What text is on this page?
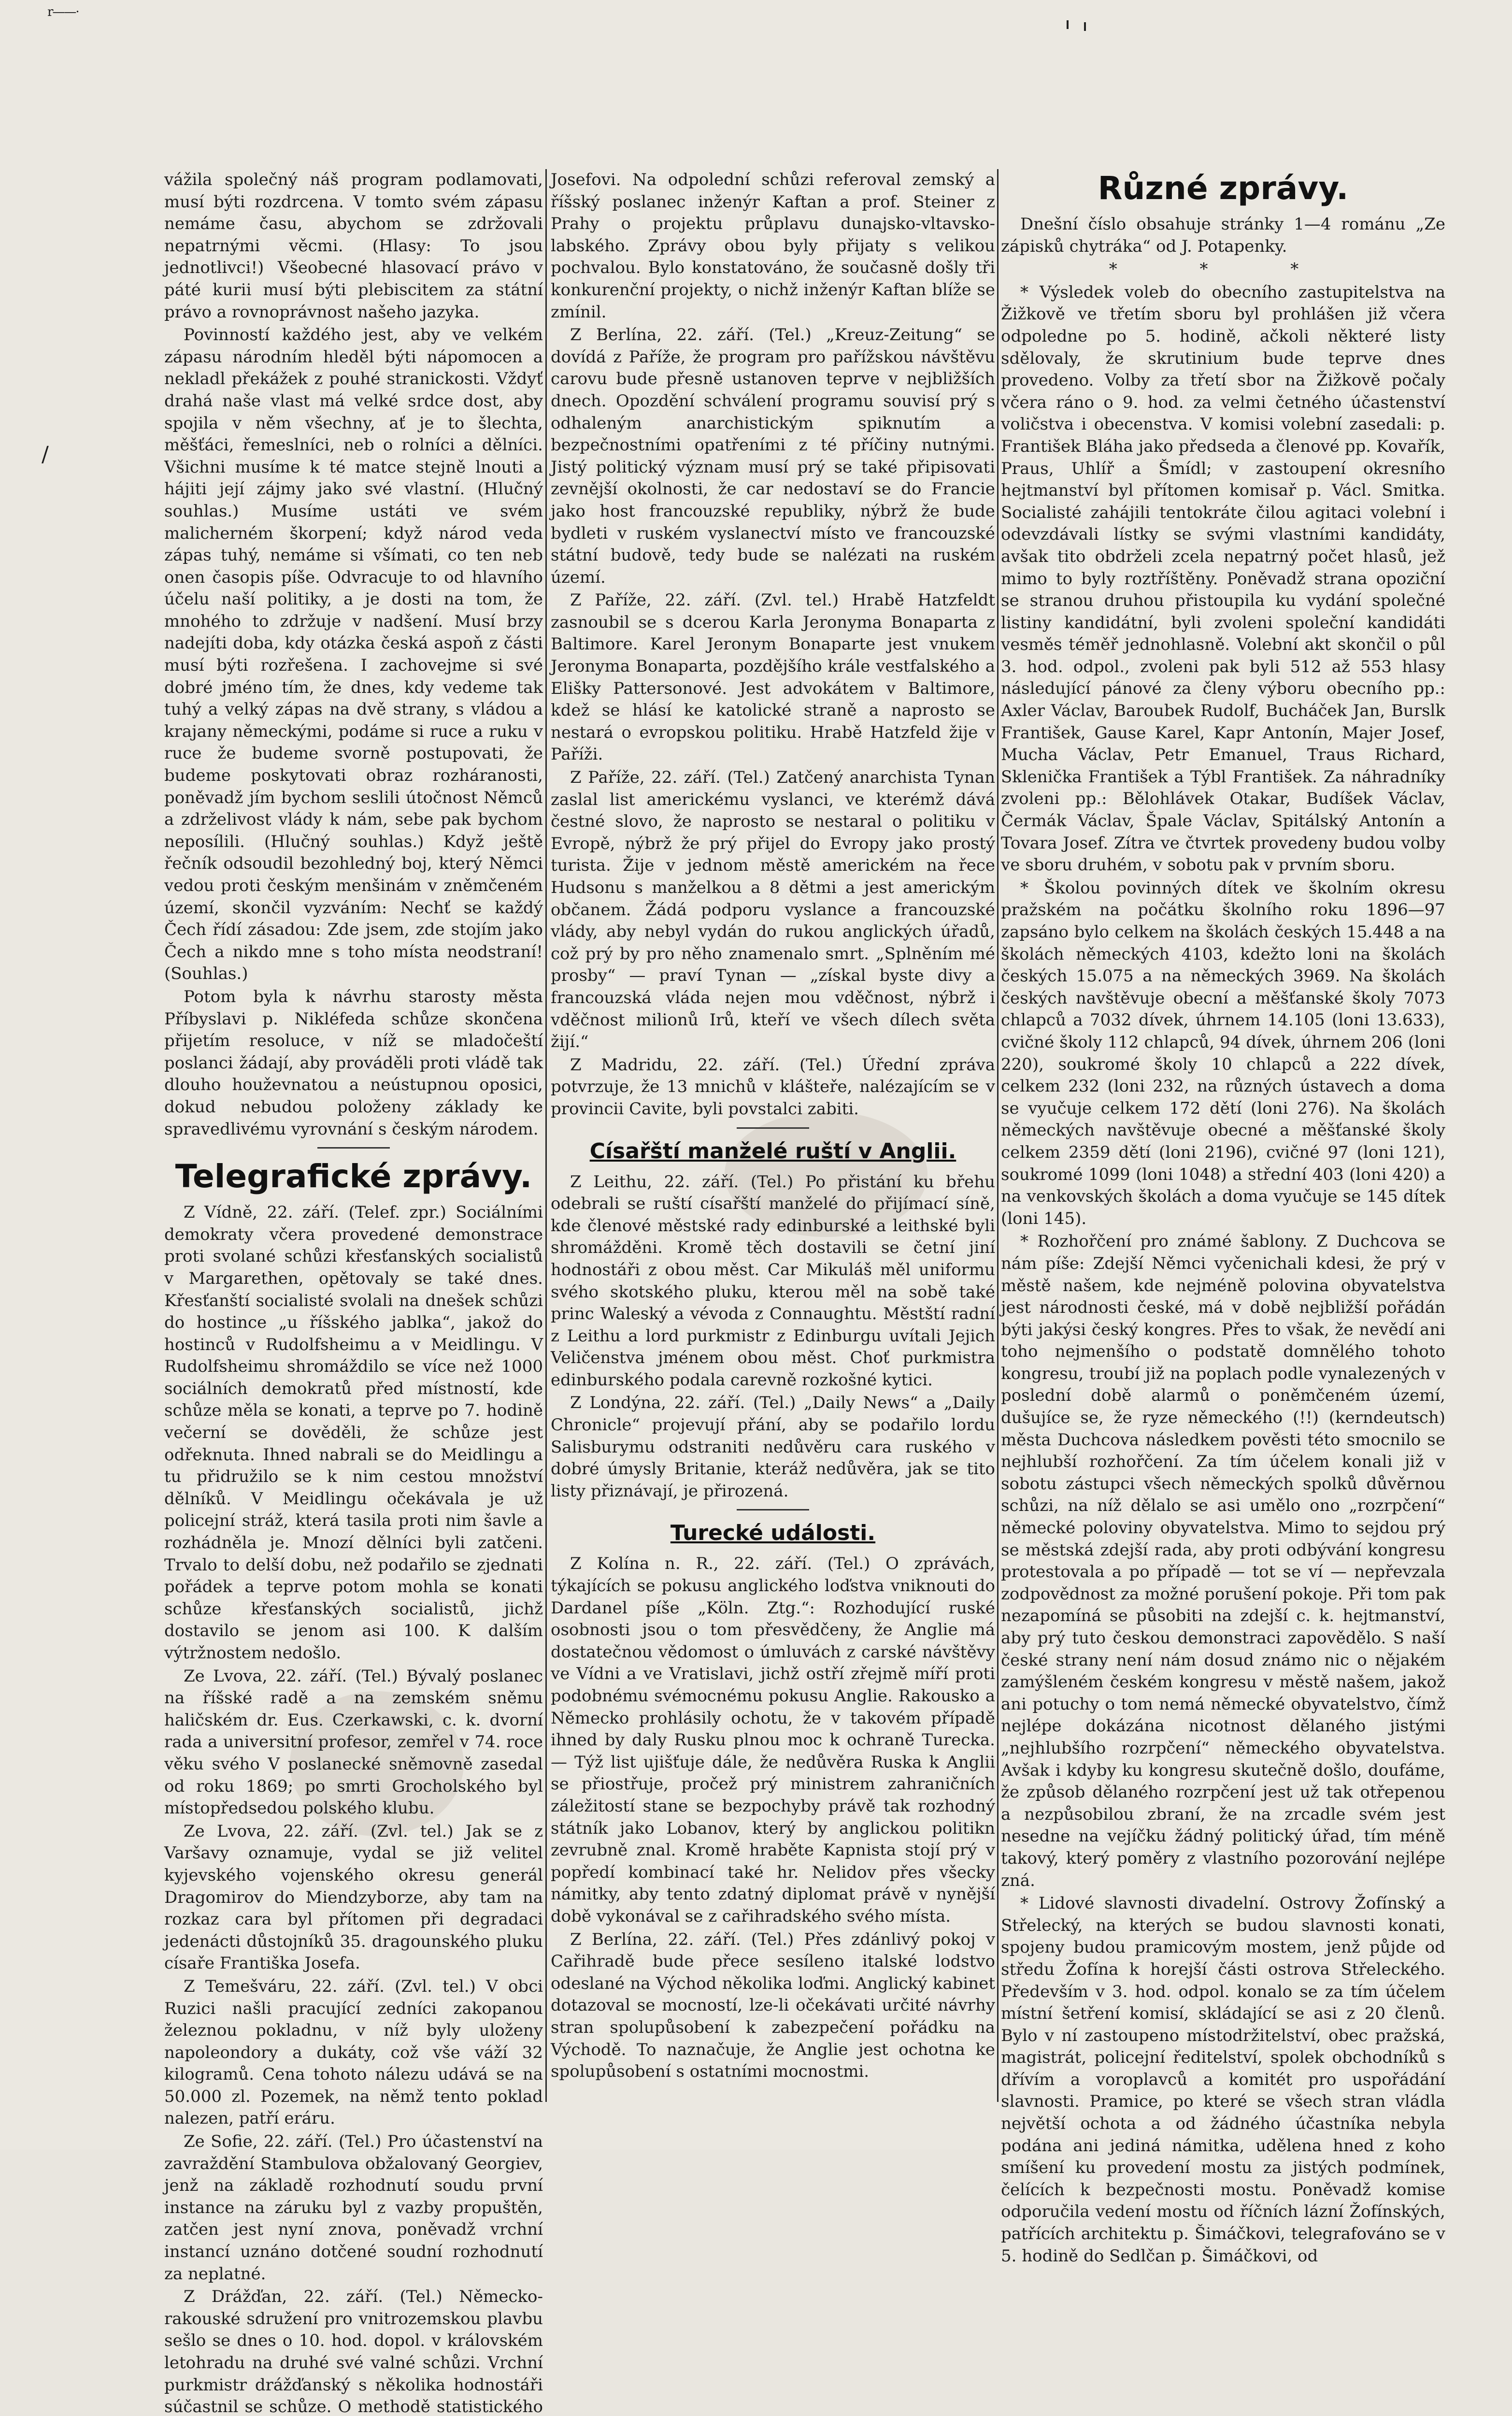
r——·
/

vážila společný náš program podlamovati, musí býti rozdrcena. V tomto svém zápasu nemáme času, abychom se zdržovali nepatrnými věcmi. (Hlasy: To jsou jednotlivci!) Všeobecné hlasovací právo v páté kurii musí býti plebiscitem za státní právo a rovnoprávnost našeho jazyka.

Povinností každého jest, aby ve velkém zápasu národním hleděl býti nápomocen a nekladl překážek z pouhé stranickosti. Vždyť drahá naše vlast má velké srdce dost, aby spojila v něm všechny, ať je to šlechta, měšťáci, řemeslníci, neb o rolníci a dělníci. Všichni musíme k té matce stejně lnouti a hájiti její zájmy jako své vlastní. (Hlučný souhlas.) Musíme ustáti ve svém malicherném škorpení; když národ veda zápas tuhý, nemáme si všímati, co ten neb onen časopis píše. Odvracuje to od hlavního účelu naší politiky, a je dosti na tom, že mnohého to zdržuje v nadšení. Musí brzy nadejíti doba, kdy otázka česká aspoň z části musí býti rozřešena. I zachovejme si své dobré jméno tím, že dnes, kdy vedeme tak tuhý a velký zápas na dvě strany, s vládou a krajany německými, podáme si ruce a ruku v ruce že budeme svorně postupovati, že budeme poskytovati obraz rozháranosti, poněvadž jím bychom seslili útočnost Němců a zdrželivost vlády k nám, sebe pak bychom neposílili. (Hlučný souhlas.) Když ještě řečník odsoudil bezohledný boj, který Němci vedou proti českým menšinám v zněmčeném území, skončil vyzváním: Nechť se každý Čech řídí zásadou: Zde jsem, zde stojím jako Čech a nikdo mne s toho místa neodstraní! (Souhlas.)

Potom byla k návrhu starosty města Příbyslavi p. Nikléfeda schůze skončena přijetím resoluce, v níž se mladočeští poslanci žádají, aby prováděli proti vládě tak dlouho houževnatou a neústupnou oposici, dokud nebudou položeny základy ke spravedlivému vyrovnání s českým národem.

Telegrafické zprávy.

Z Vídně, 22. září. (Telef. zpr.) Sociálními demokraty včera provedené demonstrace proti svolané schůzi křesťanských socialistů v Margarethen, opětovaly se také dnes. Křesťanští socialisté svolali na dnešek schůzi do hostince „u říšského jablka“, jakož do hostinců v Rudolfsheimu a v Meidlingu. V Rudolfsheimu shromáždilo se více než 1000 sociálních demokratů před místností, kde schůze měla se konati, a teprve po 7. hodině večerní se dověděli, že schůze jest odřeknuta. Ihned nabrali se do Meidlingu a tu přidružilo se k nim cestou množství dělníků. V Meidlingu očekávala je už policejní stráž, která tasila proti nim šavle a rozhádněla je. Mnozí dělníci byli zatčeni. Trvalo to delší dobu, než podařilo se zjednati pořádek a teprve potom mohla se konati schůze křesťanských socialistů, jichž dostavilo se jenom asi 100. K dalším výtržnostem nedošlo.

Ze Lvova, 22. září. (Tel.) Bývalý poslanec na říšské radě a na zemském sněmu haličském dr. Eus. Czerkawski, c. k. dvorní rada a universitní profesor, zemřel v 74. roce věku svého V poslanecké sněmovně zasedal od roku 1869; po smrti Grocholského byl místopředsedou polského klubu.

Ze Lvova, 22. září. (Zvl. tel.) Jak se z Varšavy oznamuje, vydal se již velitel kyjevského vojenského okresu generál Dragomirov do Miendzyborze, aby tam na rozkaz cara byl přítomen při degradaci jedenácti důstojníků 35. dragounského pluku císaře Františka Josefa.

Z Temešváru, 22. září. (Zvl. tel.) V obci Ruzici našli pracující zedníci zakopanou železnou pokladnu, v níž byly uloženy napoleondory a dukáty, což vše váží 32 kilogramů. Cena tohoto nálezu udává se na 50.000 zl. Pozemek, na němž tento poklad nalezen, patří eráru.

Ze Sofie, 22. září. (Tel.) Pro účastenství na zavraždění Stambulova obžalovaný Georgiev, jenž na základě rozhodnutí soudu první instance na záruku byl z vazby propuštěn, zatčen jest nyní znova, poněvadž vrchní instancí uznáno dotčené soudní rozhodnutí za neplatné.

Z Drážďan, 22. září. (Tel.) Německo-rakouské sdružení pro vnitrozemskou plavbu sešlo se dnes o 10. hod. dopol. v královském letohradu na druhé své valné schůzi. Vrchní purkmistr drážďanský s několika hodnostáři súčastnil se schůze. O methodě statistického

Josefovi. Na odpolední schůzi referoval zemský a říšský poslanec inženýr Kaftan a prof. Steiner z Prahy o projektu průplavu dunajsko-vltavsko-labského. Zprávy obou byly přijaty s velikou pochvalou. Bylo konstatováno, že současně došly tři konkurenční projekty, o nichž inženýr Kaftan blíže se zmínil.

Z Berlína, 22. září. (Tel.) „Kreuz-Zeitung“ se dovídá z Paříže, že program pro pařížskou návštěvu carovu bude přesně ustanoven teprve v nejbližších dnech. Opozdění schválení programu souvisí prý s odhaleným anarchistickým spiknutím a bezpečnostními opatřeními z té příčiny nutnými. Jistý politický význam musí prý se také připisovati zevnější okolnosti, že car nedostaví se do Francie jako host francouzské republiky, nýbrž že bude bydleti v ruském vyslanectví místo ve francouzské státní budově, tedy bude se nalézati na ruském území.

Z Paříže, 22. září. (Zvl. tel.) Hrabě Hatzfeldt zasnoubil se s dcerou Karla Jeronyma Bonaparta z Baltimore. Karel Jeronym Bonaparte jest vnukem Jeronyma Bonaparta, pozdějšího krále vestfalského a Elišky Pattersonové. Jest advokátem v Baltimore, kdež se hlásí ke katolické straně a naprosto se nestará o evropskou politiku. Hrabě Hatzfeld žije v Paříži.

Z Paříže, 22. září. (Tel.) Zatčený anarchista Tynan zaslal list americkému vyslanci, ve kterémž dává čestné slovo, že naprosto se nestaral o politiku v Evropě, nýbrž že prý přijel do Evropy jako prostý turista. Žije v jednom městě americkém na řece Hudsonu s manželkou a 8 dětmi a jest americkým občanem. Žádá podporu vyslance a francouzské vlády, aby nebyl vydán do rukou anglických úřadů, což prý by pro něho znamenalo smrt. „Splněním mé prosby“ — praví Tynan — „získal byste divy a francouzská vláda nejen mou vděčnost, nýbrž i vděčnost milionů Irů, kteří ve všech dílech světa žijí.“

Z Madridu, 22. září. (Tel.) Úřední zpráva potvrzuje, že 13 mnichů v klášteře, nalézajícím se v provincii Cavite, byli povstalci zabiti.

Císařští manželé ruští v Anglii.

Z Leithu, 22. září. (Tel.) Po přistání ku břehu odebrali se ruští císařští manželé do přijímací síně, kde členové městské rady edinburské a leithské byli shromážděni. Kromě těch dostavili se četní jiní hodnostáři z obou měst. Car Mikuláš měl uniformu svého skotského pluku, kterou měl na sobě také princ Waleský a vévoda z Connaughtu. Městští radní z Leithu a lord purkmistr z Edinburgu uvítali Jejich Veličenstva jménem obou měst. Choť purkmistra edinburského podala carevně rozkošné kytici.

Z Londýna, 22. září. (Tel.) „Daily News“ a „Daily Chronicle“ projevují přání, aby se podařilo lordu Salisburymu odstraniti nedůvěru cara ruského v dobré úmysly Britanie, kteráž nedůvěra, jak se tito listy přiznávají, je přirozená.

Turecké události.

Z Kolína n. R., 22. září. (Tel.) O zprávách, týkajících se pokusu anglického loďstva vniknouti do Dardanel píše „Köln. Ztg.“: Rozhodující ruské osobnosti jsou o tom přesvědčeny, že Anglie má dostatečnou vědomost o úmluvách z carské návštěvy ve Vídni a ve Vratislavi, jichž ostří zřejmě míří proti podobnému svémocnému pokusu Anglie. Rakousko a Německo prohlásily ochotu, že v takovém případě ihned by daly Rusku plnou moc k ochraně Turecka. — Týž list ujišťuje dále, že nedůvěra Ruska k Anglii se přiostřuje, pročež prý ministrem zahraničních záležitostí stane se bezpochyby právě tak rozhodný státník jako Lobanov, který by anglickou politikn zevrubně znal. Kromě hraběte Kapnista stojí prý v popředí kombinací také hr. Nelidov přes všecky námitky, aby tento zdatný diplomat právě v nynější době vykonával se z cařihradského svého místa.

Z Berlína, 22. září. (Tel.) Přes zdánlivý pokoj v Cařihradě bude přece sesíleno italské lodstvo odeslané na Východ několika loďmi. Anglický kabinet dotazoval se mocností, lze-li očekávati určité návrhy stran spolupůsobení k zabezpečení pořádku na Východě. To naznačuje, že Anglie jest ochotna ke spolupůsobení s ostatními mocnostmi.

Různé zprávy.

Dnešní číslo obsahuje stránky 1—4 románu „Ze zápisků chytráka“ od J. Potapenky.

* * *

* Výsledek voleb do obecního zastupitelstva na Žižkově ve třetím sboru byl prohlášen již včera odpoledne po 5. hodině, ačkoli některé listy sdělovaly, že skrutinium bude teprve dnes provedeno. Volby za třetí sbor na Žižkově počaly včera ráno o 9. hod. za velmi četného účastenství voličstva i obecenstva. V komisi volební zasedali: p. František Bláha jako předseda a členové pp. Kovařík, Praus, Uhlíř a Šmídl; v zastoupení okresního hejtmanství byl přítomen komisař p. Václ. Smitka. Socialisté zahájili tentokráte čilou agitaci volební i odevzdávali lístky se svými vlastními kandidáty, avšak tito obdrželi zcela nepatrný počet hlasů, jež mimo to byly roztříštěny. Poněvadž strana opoziční se stranou druhou přistoupila ku vydání společné listiny kandidátní, byli zvoleni společní kandidáti vesměs téměř jednohlasně. Volební akt skončil o půl 3. hod. odpol., zvoleni pak byli 512 až 553 hlasy následující pánové za členy výboru obecního pp.: Axler Václav, Baroubek Rudolf, Bucháček Jan, Burslk František, Gause Karel, Kapr Antonín, Majer Josef, Mucha Václav, Petr Emanuel, Traus Richard, Sklenička František a Týbl František. Za náhradníky zvoleni pp.: Bělohlávek Otakar, Budíšek Václav, Čermák Václav, Špale Václav, Spitálský Antonín a Tovara Josef. Zítra ve čtvrtek provedeny budou volby ve sboru druhém, v sobotu pak v prvním sboru.

* Školou povinných dítek ve školním okresu pražském na počátku školního roku 1896—97 zapsáno bylo celkem na školách českých 15.448 a na školách německých 4103, kdežto loni na školách českých 15.075 a na německých 3969. Na školách českých navštěvuje obecní a měšťanské školy 7073 chlapců a 7032 dívek, úhrnem 14.105 (loni 13.633), cvičné školy 112 chlapců, 94 dívek, úhrnem 206 (loni 220), soukromé školy 10 chlapců a 222 dívek, celkem 232 (loni 232, na různých ústavech a doma se vyučuje celkem 172 dětí (loni 276). Na školách německých navštěvuje obecné a měšťanské školy celkem 2359 dětí (loni 2196), cvičné 97 (loni 121), soukromé 1099 (loni 1048) a střední 403 (loni 420) a na venkovských školách a doma vyučuje se 145 dítek (loni 145).

* Rozhořčení pro známé šablony. Z Duchcova se nám píše: Zdejší Němci vyčenichali kdesi, že prý v městě našem, kde nejméně polovina obyvatelstva jest národnosti české, má v době nejbližší pořádán býti jakýsi český kongres. Přes to však, že nevědí ani toho nejmenšího o podstatě domnělého tohoto kongresu, troubí již na poplach podle vynalezených v poslední době alarmů o poněmčeném území, dušujíce se, že ryze německého (!!) (kerndeutsch) města Duchcova následkem pověsti této smocnilo se nejhlubší rozhořčení. Za tím účelem konali již v sobotu zástupci všech německých spolků důvěrnou schůzi, na níž dělalo se asi umělo ono „rozrpčení“ německé poloviny obyvatelstva. Mimo to sejdou prý se městská zdejší rada, aby proti odbývání kongresu protestovala a po případě — tot se ví — nepřevzala zodpovědnost za možné porušení pokoje. Při tom pak nezapomíná se působiti na zdejší c. k. hejtmanství, aby prý tuto českou demonstraci zapovědělo. S naší české strany není nám dosud známo nic o nějakém zamýšleném českém kongresu v městě našem, jakož ani potuchy o tom nemá německé obyvatelstvo, čímž nejlépe dokázána nicotnost dělaného jistými „nejhlubšího rozrpčení“ německého obyvatelstva. Avšak i kdyby ku kongresu skutečně došlo, doufáme, že způsob dělaného rozrpčení jest už tak otřepenou a nezpůsobilou zbraní, že na zrcadle svém jest nesedne na vejíčku žádný politický úřad, tím méně takový, který poměry z vlastního pozorování nejlépe zná.

* Lidové slavnosti divadelní. Ostrovy Žofínský a Střelecký, na kterých se budou slavnosti konati, spojeny budou pramicovým mostem, jenž půjde od středu Žofína k horejší části ostrova Střeleckého. Především v 3. hod. odpol. konalo se za tím účelem místní šetření komisí, skládající se asi z 20 členů. Bylo v ní zastoupeno místodržitelství, obec pražská, magistrát, policejní ředitelství, spolek obchodníků s dřívím a voroplavců a komitét pro uspořádání slavnosti. Pramice, po které se všech stran vládla největší ochota a od žádného účastníka nebyla podána ani jediná námitka, udělena hned z koho smíšení ku provedení mostu za jistých podmínek, čelících k bezpečnosti mostu. Poněvadž komise odporučila vedení mostu od říčních lázní Žofínských, patřících architektu p. Šimáčkovi, telegrafováno se v 5. hodině do Sedlčan p. Šimáčkovi, od
